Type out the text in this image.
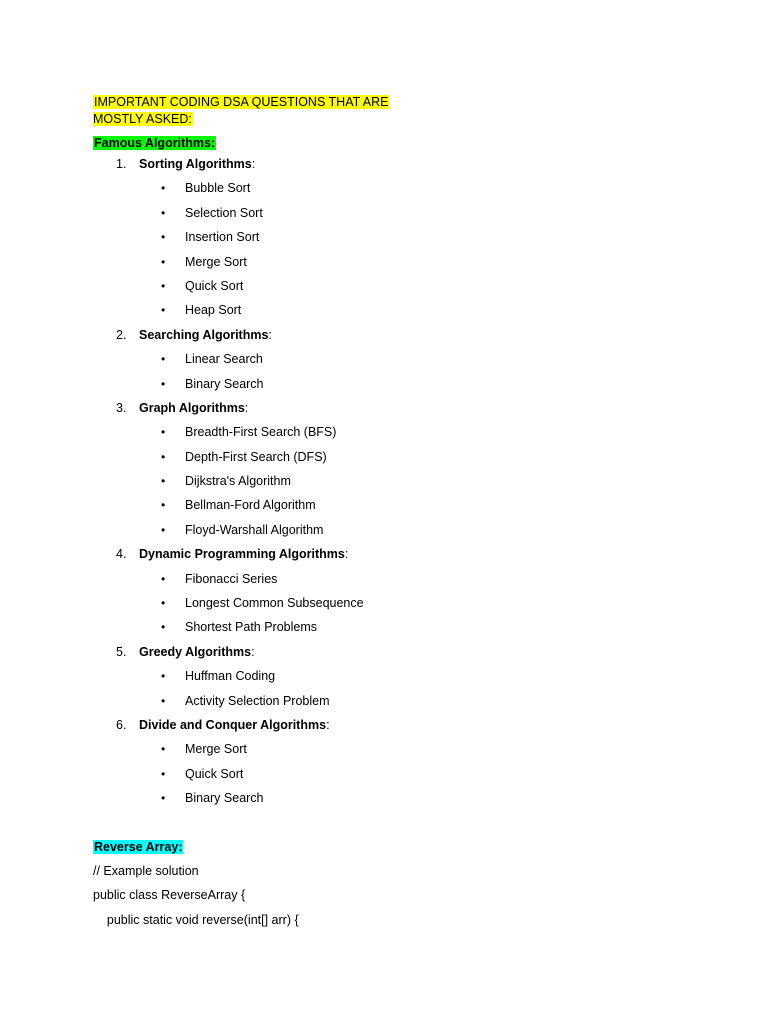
IMPORTANT CODING DSA QUESTIONS THAT ARE MOSTLY ASKED:

Famous Algorithms:

1. Sorting Algorithms:
• Bubble Sort
• Selection Sort
• Insertion Sort
• Merge Sort
• Quick Sort
• Heap Sort
2. Searching Algorithms:
• Linear Search
• Binary Search
3. Graph Algorithms:
• Breadth-First Search (BFS)
• Depth-First Search (DFS)
• Dijkstra's Algorithm
• Bellman-Ford Algorithm
• Floyd-Warshall Algorithm
4. Dynamic Programming Algorithms:
• Fibonacci Series
• Longest Common Subsequence
• Shortest Path Problems
5. Greedy Algorithms:
• Huffman Coding
• Activity Selection Problem
6. Divide and Conquer Algorithms:
• Merge Sort
• Quick Sort
• Binary Search

Reverse Array:

// Example solution
public class ReverseArray {
public static void reverse(int[] arr) {
